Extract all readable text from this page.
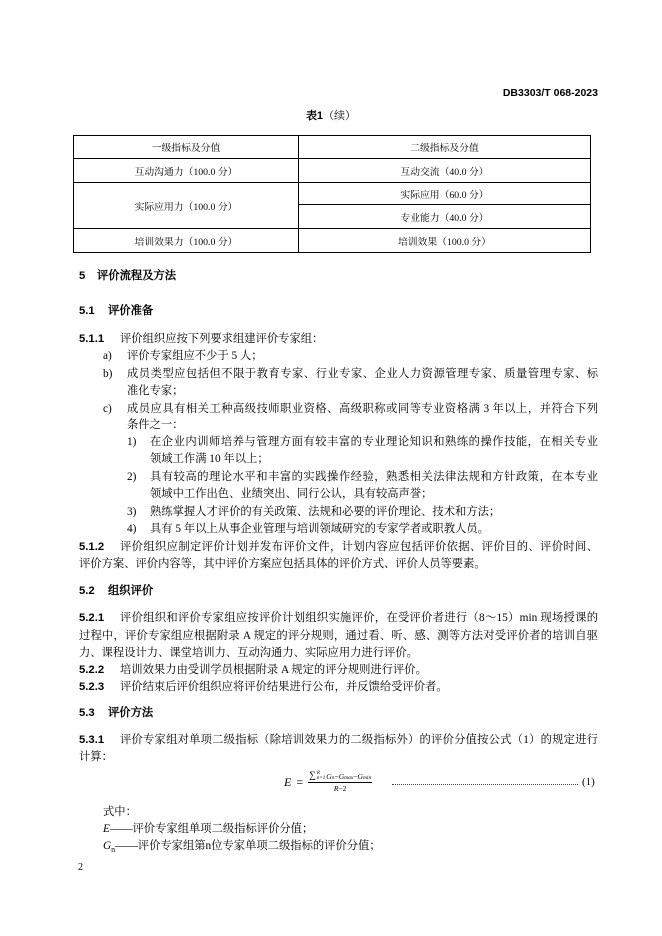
DB3303/T 068-2023
表1（续）
一级指标及分值	二级指标及分值
互动沟通力（100.0 分）	互动交流（40.0 分）
实际应用力（100.0 分）	实际应用（60.0 分）
	专业能力（40.0 分）
培训效果力（100.0 分）	培训效果（100.0 分）
5 评价流程及方法
5.1 评价准备
5.1.1 评价组织应按下列要求组建评价专家组：
a) 评价专家组应不少于 5 人；
b) 成员类型应包括但不限于教育专家、行业专家、企业人力资源管理专家、质量管理专家、标
准化专家；
c) 成员应具有相关工种高级技师职业资格、高级职称或同等专业资格满 3 年以上，并符合下列
条件之一：
1) 在企业内训师培养与管理方面有较丰富的专业理论知识和熟练的操作技能，在相关专业
领域工作满 10 年以上；
2) 具有较高的理论水平和丰富的实践操作经验，熟悉相关法律法规和方针政策，在本专业
领域中工作出色、业绩突出、同行公认，具有较高声誉；
3) 熟练掌握人才评价的有关政策、法规和必要的评价理论、技术和方法；
4) 具有 5 年以上从事企业管理与培训领域研究的专家学者或职教人员。
5.1.2 评价组织应制定评价计划并发布评价文件，计划内容应包括评价依据、评价目的、评价时间、
评价方案、评价内容等，其中评价方案应包括具体的评价方式、评价人员等要素。
5.2 组织评价
5.2.1 评价组织和评价专家组应按评价计划组织实施评价，在受评价者进行（8～15）min 现场授课的
过程中，评价专家组应根据附录 A 规定的评分规则，通过看、听、感、测等方法对受评价者的培训自驱
力、课程设计力、课堂培训力、互动沟通力、实际应用力进行评价。
5.2.2 培训效果力由受训学员根据附录 A 规定的评分规则进行评价。
5.2.3 评价结束后评价组织应将评价结果进行公布，并反馈给受评价者。
5.3 评价方法
5.3.1 评价专家组对单项二级指标（除培训效果力的二级指标外）的评价分值按公式（1）的规定进行
计算：
E = ∑ R
n=1 G n − G max − G min
R −2
(1)
式中：
E——评价专家组单项二级指标评价分值；
$G_n——$评价专家组第n位专家单项二级指标的评价分值；
2
